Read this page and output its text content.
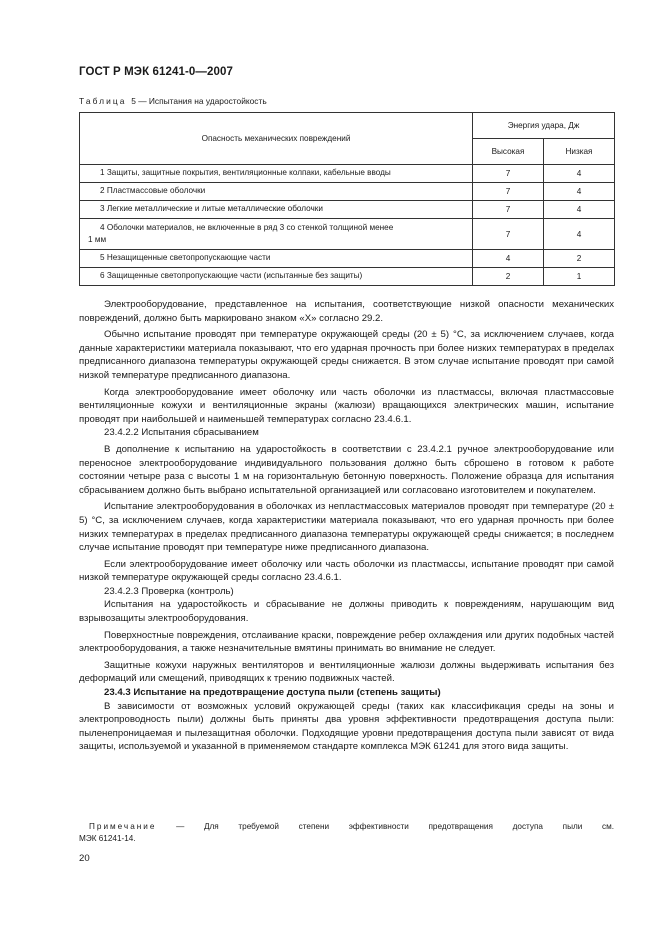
ГОСТ Р МЭК 61241-0—2007
Таблица 5 — Испытания на ударостойкость
Опасность механических повреждений	Энергия удара, Дж	
	Высокая	Низкая
1 Защиты, защитные покрытия, вентиляционные колпаки, кабельные вводы	7	4
2 Пластмассовые оболочки	7	4
3 Легкие металлические и литые металлические оболочки	7	4

4 Оболочки материалов, не включенные в ряд 3 со стенкой толщиной менее
1 мм	7	4
5 Незащищенные светопропускающие части	4	2
6 Защищенные светопропускающие части (испытанные без защиты)	2	1

Электрооборудование, представленное на испытания, соответствующие низкой опасности механических повреждений, должно быть маркировано знаком «Х» согласно 29.2.

Обычно испытание проводят при температуре окружающей среды (20 ± 5) °С, за исключением случаев, когда данные характеристики материала показывают, что его ударная прочность при более низких температурах в пределах предписанного диапазона температуры окружающей среды снижается. В этом случае испытание проводят при самой низкой температуре предписанного диапазона.

Когда электрооборудование имеет оболочку или часть оболочки из пластмассы, включая пластмассовые вентиляционные кожухи и вентиляционные экраны (жалюзи) вращающихся электрических машин, испытание проводят при наибольшей и наименьшей температурах согласно 23.4.6.1.

23.4.2.2 Испытания сбрасыванием

В дополнение к испытанию на ударостойкость в соответствии с 23.4.2.1 ручное электрооборудование или переносное электрооборудование индивидуального пользования должно быть сброшено в готовом к работе состоянии четыре раза с высоты 1 м на горизонтальную бетонную поверхность. Положение образца для испытания сбрасыванием должно быть выбрано испытательной организацией или согласовано изготовителем и покупателем.

Испытание электрооборудования в оболочках из непластмассовых материалов проводят при температуре (20 ± 5) °С, за исключением случаев, когда характеристики материала показывают, что его ударная прочность при более низких температурах в пределах предписанного диапазона температуры окружающей среды снижается; в последнем случае испытание проводят при температуре ниже предписанного диапазона.

Если электрооборудование имеет оболочку или часть оболочки из пластмассы, испытание проводят при самой низкой температуре окружающей среды согласно 23.4.6.1.

23.4.2.3 Проверка (контроль)

Испытания на ударостойкость и сбрасывание не должны приводить к повреждениям, нарушающим вид взрывозащиты электрооборудования.

Поверхностные повреждения, отслаивание краски, повреждение ребер охлаждения или других подобных частей электрооборудования, а также незначительные вмятины принимать во внимание не следует.

Защитные кожухи наружных вентиляторов и вентиляционные жалюзи должны выдерживать испытания без деформаций или смещений, приводящих к трению подвижных частей.

23.4.3 Испытание на предотвращение доступа пыли (степень защиты)

В зависимости от возможных условий окружающей среды (таких как классификация среды на зоны и электропроводность пыли) должны быть приняты два уровня эффективности предотвращения доступа пыли: пыленепроницаемая и пылезащитная оболочки. Подходящие уровни предотвращения доступа пыли зависят от вида защиты, используемой и указанной в применяемом стандарте комплекса МЭК 61241 для этого вида защиты.

Примечание — Для требуемой степени эффективности предотвращения доступа пыли см.

МЭК 61241-14.

20
